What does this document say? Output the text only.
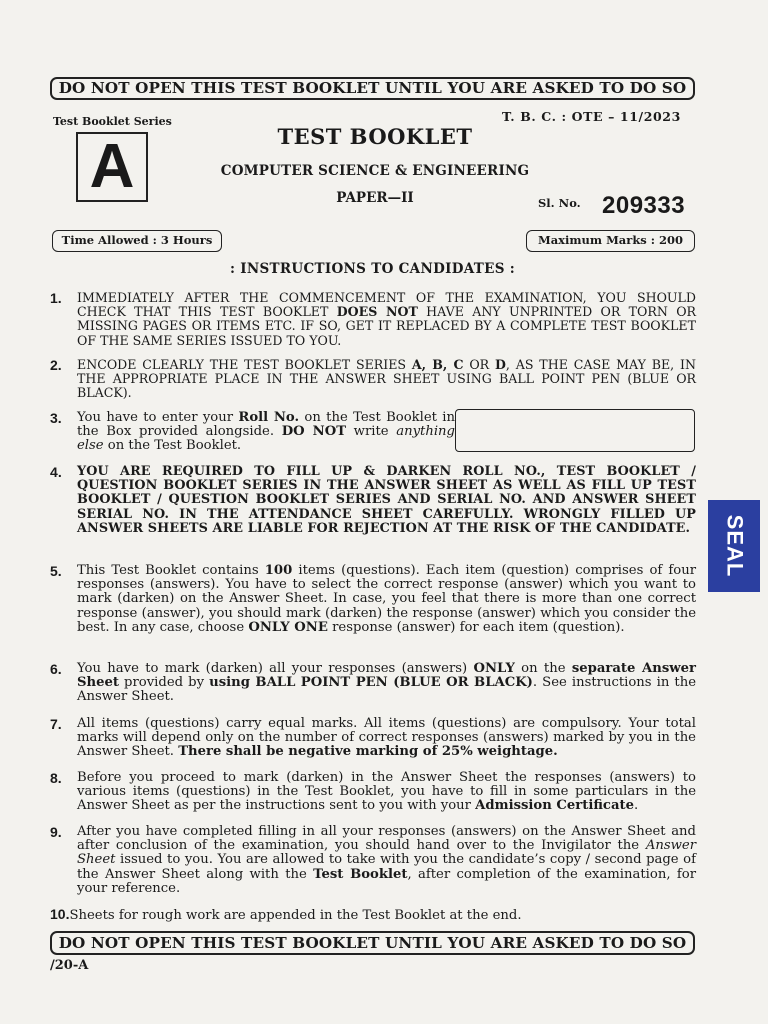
DO NOT OPEN THIS TEST BOOKLET UNTIL YOU ARE ASKED TO DO SO
Test Booklet Series
A
T. B. C. : OTE – 11/2023
TEST BOOKLET
COMPUTER SCIENCE & ENGINEERING
PAPER—II	Sl. No. 209333
Time Allowed : 3 Hours	Maximum Marks : 200
: INSTRUCTIONS TO CANDIDATES :
1. IMMEDIATELY AFTER THE COMMENCEMENT OF THE EXAMINATION, YOU SHOULD CHECK THAT THIS TEST BOOKLET DOES NOT HAVE ANY UNPRINTED OR TORN OR MISSING PAGES OR ITEMS ETC. IF SO, GET IT REPLACED BY A COMPLETE TEST BOOKLET OF THE SAME SERIES ISSUED TO YOU.
2. ENCODE CLEARLY THE TEST BOOKLET SERIES A, B, C OR D, AS THE CASE MAY BE, IN THE APPROPRIATE PLACE IN THE ANSWER SHEET USING BALL POINT PEN (BLUE OR BLACK).
3. You have to enter your Roll No. on the Test Booklet in the Box provided alongside. DO NOT write anything else on the Test Booklet.
4. YOU ARE REQUIRED TO FILL UP & DARKEN ROLL NO., TEST BOOKLET / QUESTION BOOKLET SERIES IN THE ANSWER SHEET AS WELL AS FILL UP TEST BOOKLET / QUESTION BOOKLET SERIES AND SERIAL NO. AND ANSWER SHEET SERIAL NO. IN THE ATTENDANCE SHEET CAREFULLY. WRONGLY FILLED UP ANSWER SHEETS ARE LIABLE FOR REJECTION AT THE RISK OF THE CANDIDATE.
5. This Test Booklet contains 100 items (questions). Each item (question) comprises of four responses (answers). You have to select the correct response (answer) which you want to mark (darken) on the Answer Sheet. In case, you feel that there is more than one correct response (answer), you should mark (darken) the response (answer) which you consider the best. In any case, choose ONLY ONE response (answer) for each item (question).
6. You have to mark (darken) all your responses (answers) ONLY on the separate Answer Sheet provided by using BALL POINT PEN (BLUE OR BLACK). See instructions in the Answer Sheet.
7. All items (questions) carry equal marks. All items (questions) are compulsory. Your total marks will depend only on the number of correct responses (answers) marked by you in the Answer Sheet. There shall be negative marking of 25% weightage.
8. Before you proceed to mark (darken) in the Answer Sheet the responses (answers) to various items (questions) in the Test Booklet, you have to fill in some particulars in the Answer Sheet as per the instructions sent to you with your Admission Certificate.
9. After you have completed filling in all your responses (answers) on the Answer Sheet and after conclusion of the examination, you should hand over to the Invigilator the Answer Sheet issued to you. You are allowed to take with you the candidate’s copy / second page of the Answer Sheet along with the Test Booklet, after completion of the examination, for your reference.
10.Sheets for rough work are appended in the Test Booklet at the end.
SEAL
DO NOT OPEN THIS TEST BOOKLET UNTIL YOU ARE ASKED TO DO SO
/20-A
